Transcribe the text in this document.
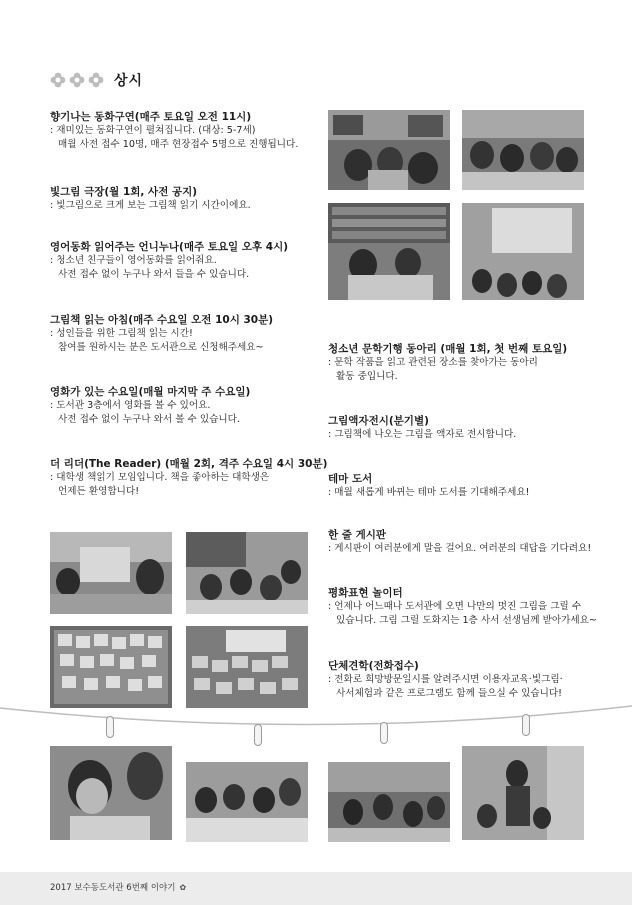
상시
향기나는 동화구연(매주 토요일 오전 11시)
: 재미있는 동화구연이 펼쳐집니다. (대상: 5-7세)
매월 사전 접수 10명, 매주 현장접수 5명으로 진행됩니다.
빛그림 극장(월 1회, 사전 공지)
: 빛그림으로 크게 보는 그림책 읽기 시간이에요.
영어동화 읽어주는 언니누나(매주 토요일 오후 4시)
: 청소년 친구들이 영어동화를 읽어줘요.
사전 접수 없이 누구나 와서 들을 수 있습니다.
그림책 읽는 아침(매주 수요일 오전 10시 30분)
: 성인들을 위한 그림책 읽는 시간!
참여를 원하시는 분은 도서관으로 신청해주세요~
영화가 있는 수요일(매월 마지막 주 수요일)
: 도서관 3층에서 영화를 볼 수 있어요.
사전 접수 없이 누구나 와서 볼 수 있습니다.
더 리더(The Reader) (매월 2회, 격주 수요일 4시 30분)
: 대학생 책읽기 모임입니다. 책을 좋아하는 대학생은
언제든 환영합니다!
청소년 문학기행 동아리 (매월 1회, 첫 번째 토요일)
: 문학 작품을 읽고 관련된 장소를 찾아가는 동아리
활동 중입니다.
그림액자전시(분기별)
: 그림책에 나오는 그림을 액자로 전시합니다.
테마 도서
: 매월 새롭게 바뀌는 테마 도서를 기대해주세요!
한 줄 게시판
: 게시판이 여러분에게 말을 걸어요. 여러분의 대답을 기다려요!
평화표현 놀이터
: 언제나 어느때나 도서관에 오면 나만의 멋진 그림을 그릴 수
있습니다. 그림 그릴 도화지는 1층 사서 선생님께 받아가세요~
단체견학(전화접수)
: 전화로 희망방문일시를 알려주시면 이용자교육·빛그림·
사서체험과 같은 프로그램도 함께 들으실 수 있습니다!
2017 보수동도서관 6번째 이야기 ✿
